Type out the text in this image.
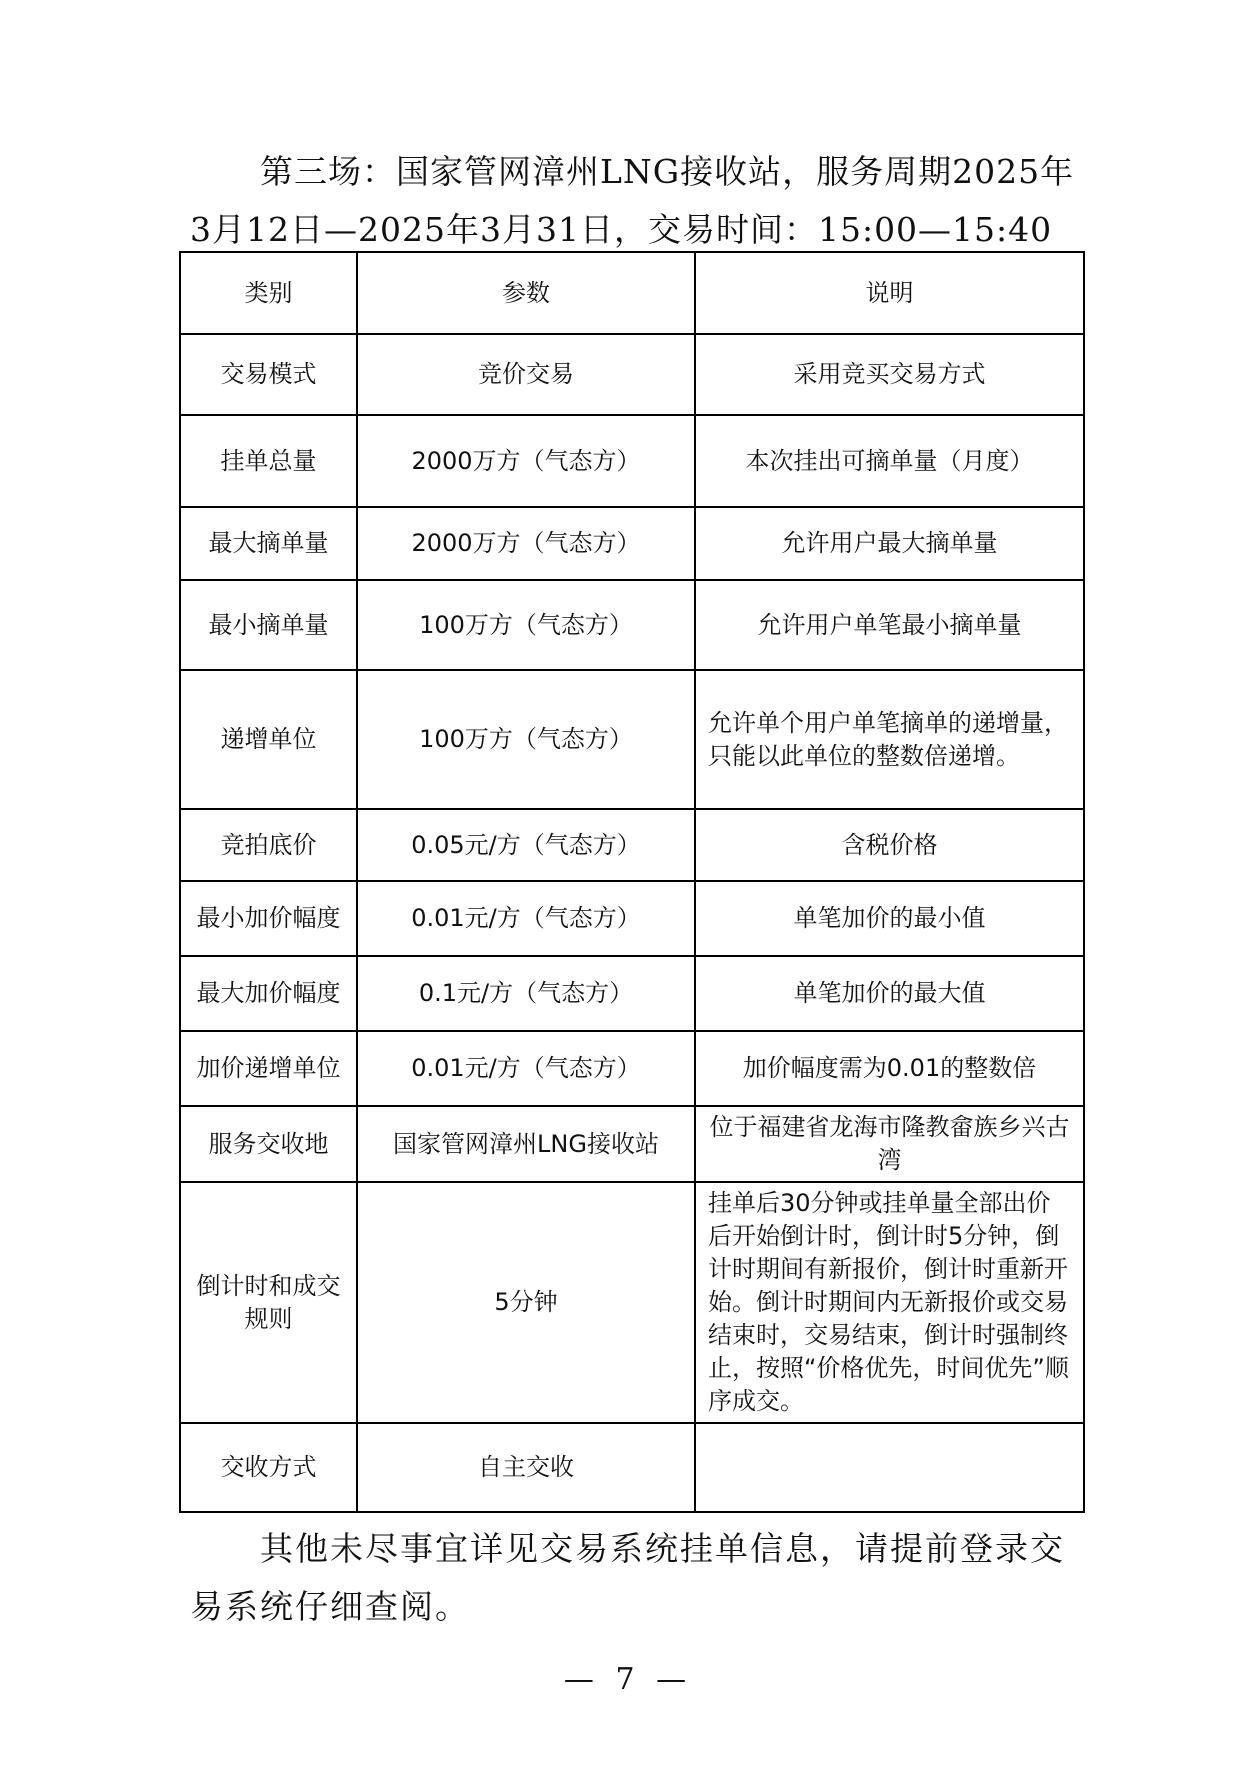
第三场：国家管网漳州LNG接收站，服务周期2025年3月12日—2025年3月31日，交易时间：15:00—15:40

类别	参数	说明
交易模式	竞价交易	采用竞买交易方式
挂单总量	2000万方（气态方）	本次挂出可摘单量（月度）
最大摘单量	2000万方（气态方）	允许用户最大摘单量
最小摘单量	100万方（气态方）	允许用户单笔最小摘单量
递增单位	100万方（气态方）	允许单个用户单笔摘单的递增量，只能以此单位的整数倍递增。
竞拍底价	0.05元/方（气态方）	含税价格
最小加价幅度	0.01元/方（气态方）	单笔加价的最小值
最大加价幅度	0.1元/方（气态方）	单笔加价的最大值
加价递增单位	0.01元/方（气态方）	加价幅度需为0.01的整数倍
服务交收地	国家管网漳州LNG接收站	位于福建省龙海市隆教畲族乡兴古湾
倒计时和成交规则	5分钟	挂单后30分钟或挂单量全部出价后开始倒计时，倒计时5分钟，倒计时期间有新报价，倒计时重新开始。倒计时期间内无新报价或交易结束时，交易结束，倒计时强制终止，按照“价格优先，时间优先”顺序成交。
交收方式	自主交收	

其他未尽事宜详见交易系统挂单信息，请提前登录交易系统仔细查阅。

— 7 —
